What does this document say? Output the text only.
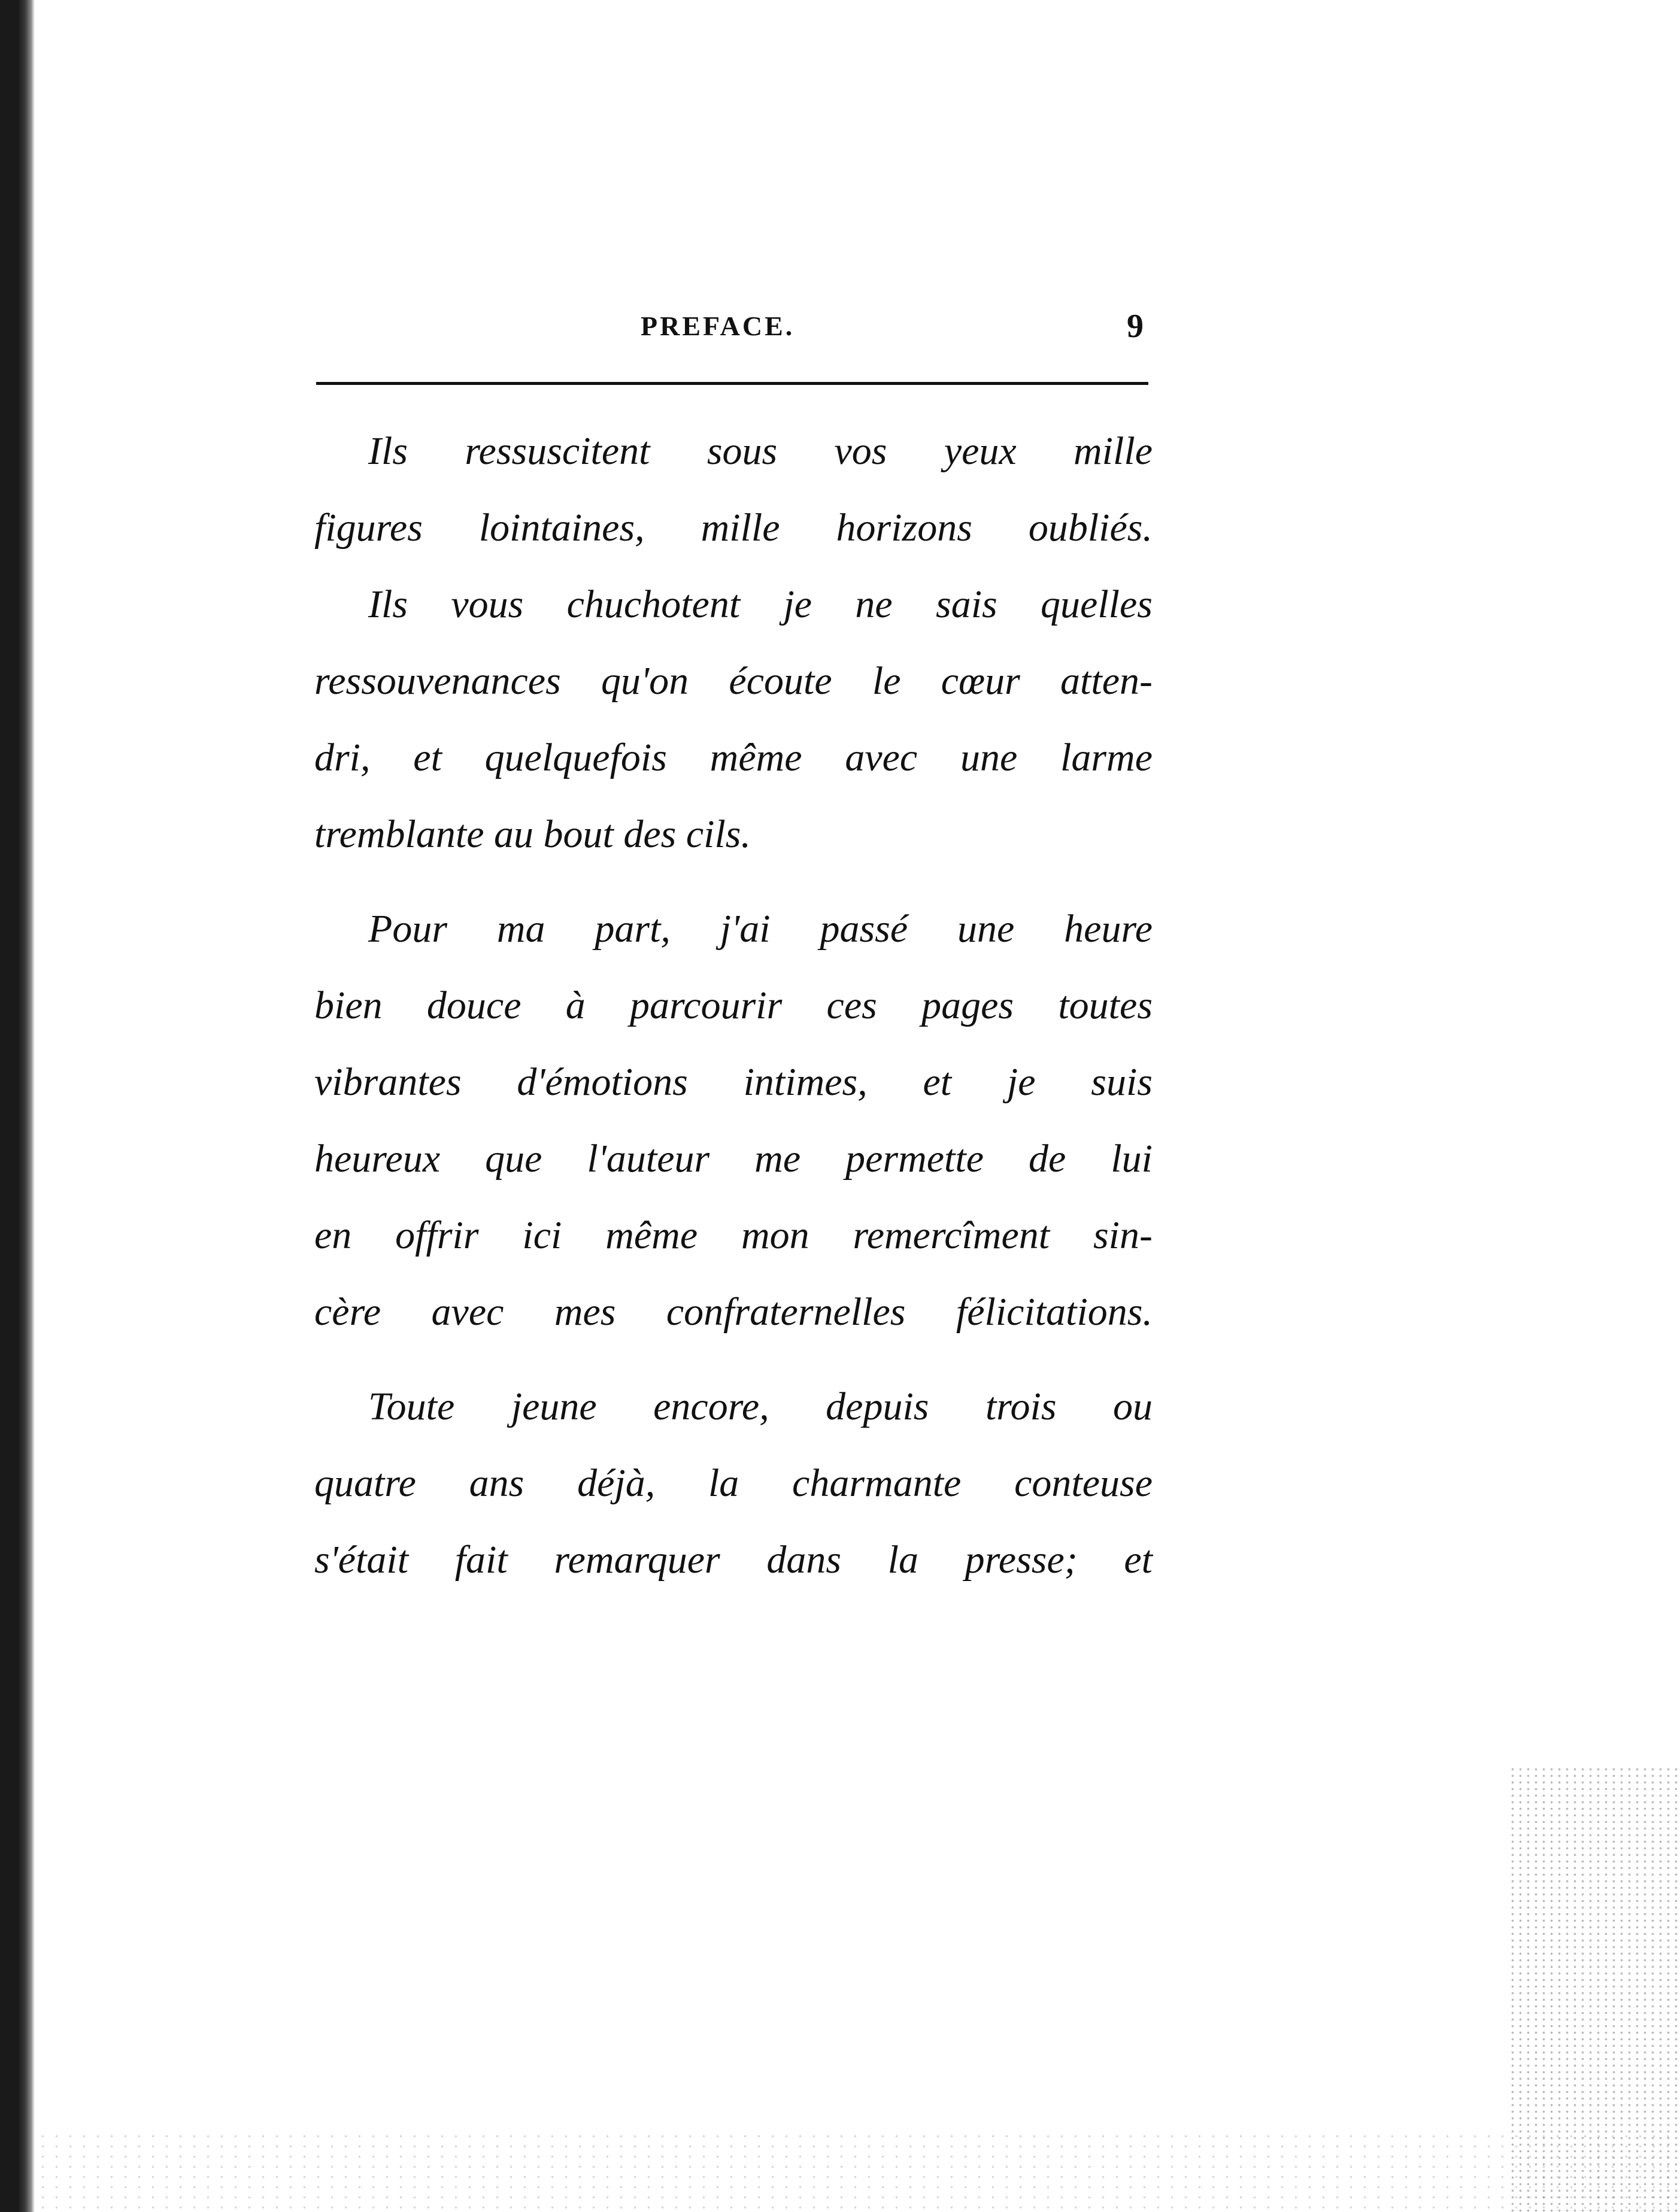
PREFACE.	9
Ils ressuscitent sous vos yeux mille
figures lointaines, mille horizons oubliés.
Ils vous chuchotent je ne sais quelles
ressouvenances qu'on écoute le cœur atten-
dri, et quelquefois même avec une larme
tremblante au bout des cils.
Pour ma part, j'ai passé une heure
bien douce à parcourir ces pages toutes
vibrantes d'émotions intimes, et je suis
heureux que l'auteur me permette de lui
en offrir ici même mon remercîment sin-
cère avec mes confraternelles félicitations.
Toute jeune encore, depuis trois ou
quatre ans déjà, la charmante conteuse
s'était fait remarquer dans la presse; et
